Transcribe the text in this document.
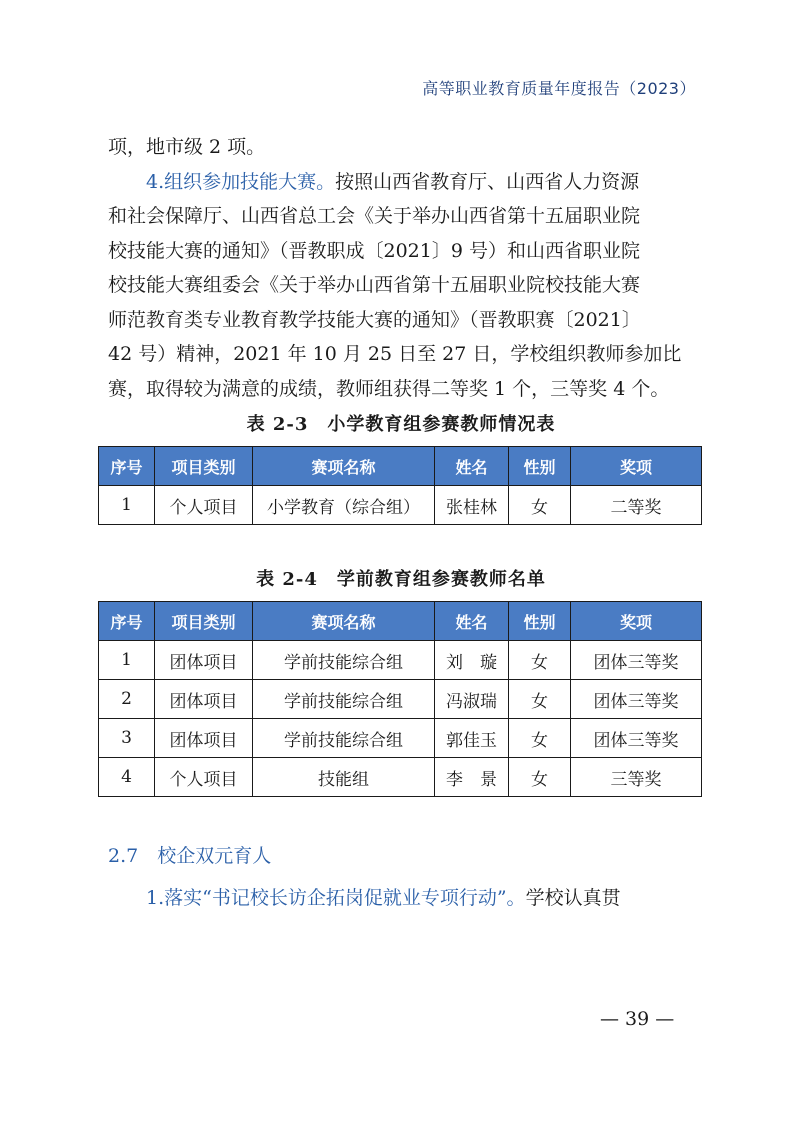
高等职业教育质量年度报告（2023）

项，地市级 2 项。

4.组织参加技能大赛。按照山西省教育厅、山西省人力资源

和社会保障厅、山西省总工会《关于举办山西省第十五届职业院

校技能大赛的通知》（晋教职成〔2021〕9 号）和山西省职业院

校技能大赛组委会《关于举办山西省第十五届职业院校技能大赛

师范教育类专业教育教学技能大赛的通知》（晋教职赛〔2021〕

42 号）精神，2021 年 10 月 25 日至 27 日，学校组织教师参加比

赛，取得较为满意的成绩，教师组获得二等奖 1 个，三等奖 4 个。

表 2-3　小学教育组参赛教师情况表

序号	项目类别	赛项名称	姓名	性别	奖项
1	个人项目	小学教育（综合组）	张桂林	女	二等奖

表 2-4　学前教育组参赛教师名单

序号	项目类别	赛项名称	姓名	性别	奖项
1	团体项目	学前技能综合组	刘　璇	女	团体三等奖
2	团体项目	学前技能综合组	冯淑瑞	女	团体三等奖
3	团体项目	学前技能综合组	郭佳玉	女	团体三等奖
4	个人项目	技能组	李　景	女	三等奖

2.7　校企双元育人

1.落实“书记校长访企拓岗促就业专项行动”。学校认真贯

— 39 —
